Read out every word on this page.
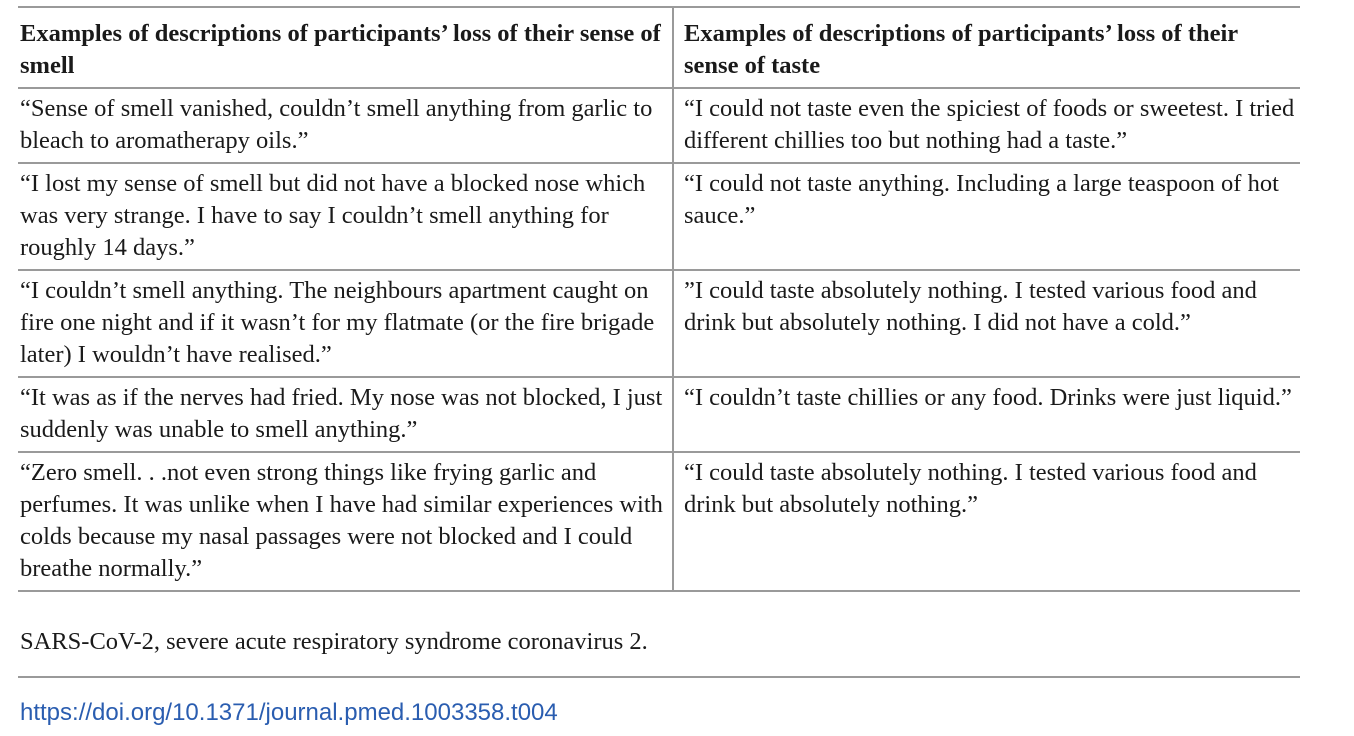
Examples of descriptions of participants’ loss of their sense of smell	Examples of descriptions of participants’ loss of their sense of taste
“Sense of smell vanished, couldn’t smell anything from garlic to bleach to aromatherapy oils.”	“I could not taste even the spiciest of foods or sweetest. I tried different chillies too but nothing had a taste.”
“I lost my sense of smell but did not have a blocked nose which was very strange. I have to say I couldn’t smell anything for roughly 14 days.”	“I could not taste anything. Including a large teaspoon of hot sauce.”
“I couldn’t smell anything. The neighbours apartment caught on fire one night and if it wasn’t for my flatmate (or the fire brigade later) I wouldn’t have realised.”	”I could taste absolutely nothing. I tested various food and drink but absolutely nothing. I did not have a cold.”
“It was as if the nerves had fried. My nose was not blocked, I just suddenly was unable to smell anything.”	“I couldn’t taste chillies or any food. Drinks were just liquid.”
“Zero smell. . .not even strong things like frying garlic and perfumes. It was unlike when I have had similar experiences with colds because my nasal passages were not blocked and I could breathe normally.”	“I could taste absolutely nothing. I tested various food and drink but absolutely nothing.”
SARS-CoV-2, severe acute respiratory syndrome coronavirus 2.
https://doi.org/10.1371/journal.pmed.1003358.t004
